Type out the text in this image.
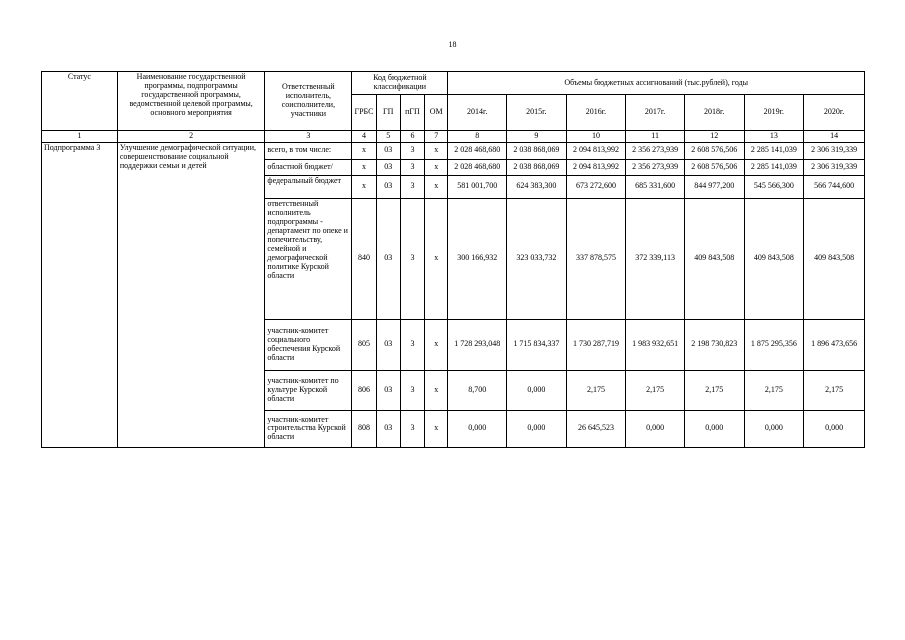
18
Статус	Наименование государственной программы, подпрограммы государственной программы, ведомственной целевой программы, основного мероприятия	Ответственный исполнитель, соисполнители, участники	Код бюджетной классификации				Объемы бюджетных ассигнований (тыс.рублей), годы						
			ГРБС	ГП	пГП	ОМ	2014г.	2015г.	2016г.	2017г.	2018г.	2019г.	2020г.
1	2	3	4	5	6	7	8	9	10	11	12	13	14
Подпрограмма 3	Улучшение демографической ситуации, совершенствование социальной поддержки семьи и детей	всего, в том числе:	x	03	3	x	2 028 468,680	2 038 868,069	2 094 813,992	2 356 273,939	2 608 576,506	2 285 141,039	2 306 319,339
		областной бюджет/	x	03	3	x	2 028 468,680	2 038 868,069	2 094 813,992	2 356 273,939	2 608 576,506	2 285 141,039	2 306 319,339
		федеральный бюджет	x	03	3	x	581 001,700	624 383,300	673 272,600	685 331,600	844 977,200	545 566,300	566 744,600
		ответственный исполнитель подпрограммы - департамент по опеке и попечительству, семейной и демографической политике Курской области	840	03	3	x	300 166,932	323 033,732	337 878,575	372 339,113	409 843,508	409 843,508	409 843,508
		участник-комитет социального обеспечения Курской области	805	03	3	x	1 728 293,048	1 715 834,337	1 730 287,719	1 983 932,651	2 198 730,823	1 875 295,356	1 896 473,656
		участник-комитет по культуре Курской области	806	03	3	x	8,700	0,000	2,175	2,175	2,175	2,175	2,175
		участник-комитет строительства Курской области	808	03	3	x	0,000	0,000	26 645,523	0,000	0,000	0,000	0,000
